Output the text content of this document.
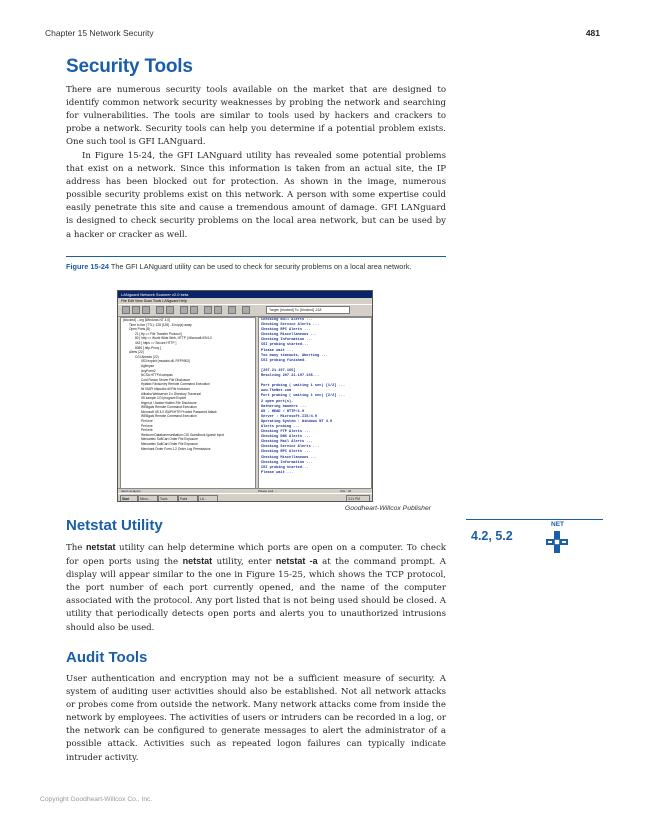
Chapter 15 Network Security	481
Security Tools

There are numerous security tools available on the market that are designed to identify common network security weaknesses by probing the network and searching for vulnerabilities. The tools are similar to tools used by hackers and crackers to probe a network. Security tools can help you determine if a potential problem exists. One such tool is GFI LANguard.

In Figure 15-24, the GFI LANguard utility has revealed some potential problems that exist on a network. Since this information is taken from an actual site, the IP address has been blocked out for protection. As shown in the image, numerous possible security problems exist on this network. A person with some expertise could easily penetrate this site and cause a tremendous amount of damage. GFI LANguard is designed to check security problems on the local area network, but can be used by a hacker or cracker as well.

Figure 15-24 The GFI LANguard utility can be used to check for security problems on a local area network.
LANguard Network Scanner v2.0 beta
File Edit View Scan Tools LANguard Help
Target: [blocked] To: [blocked] .218
[blocked] ...org [Windows NT 4.0]
Time to live (TTL): 128 [128] - 8 hop(s) away
Open Ports (8)
21 [ ftp => File Transfer Protocol ]
80 [ http => World Wide Web, HTTP ] Microsoft-IIS/4.0
443 [ https => Secure HTTP ]
8080 [ http-Proxy ]
Alerts (22)
CGI Abuses (22)
IIS3 exploit (msadcs.dll, RFP9902)
Aglimpse
AnyForm2
NCSA HTTPd campas
Cold Fusion Server File Disclosure
Hylafax Faxsurvey Remote Command Execution
Nt ISAPI httpodbc.dll File Inclusion
Alibaba Webserver 2.x Directory Traversal
IIS sample CGI program Exploit
finger.pl / Avatar Hidden File Disclosure
WEBgais Remote Command Execution
Microsoft IIS 4.0 ISAPI/HTR Proxied Password Attack
WEBgais Remote Command Execution
Perl.exe
Perl.exe
Perl.exe
Webcom Datakommunikation CGI Guestbook /guest/ Input
Mercantec SoftCart Order File Exposure
Mercantec SoftCart Order File Exposure
Merchant Order Form 1.2 Order Log Permissions
Checking Null Alerts ...
Checking Service Alerts ...
Checking RPC Alerts ...
Checking Miscellaneous ...
Checking Information ...
CGI probing started...
Please wait ...
Too many timeouts, Aborting ...
CGI probing finished.

[207.21.197.165]
Resolving 207.21.197.165...

Port probing ( waiting 1 sec) [1/2] ...
www.TheNet.com
Port probing ( waiting 1 sec) [2/2] ...
2 open port(s).
Gathering banners ...
80 - HEAD / HTTP/1.0
Server : Microsoft-IIS/4.0
Operating System : Windows NT 4.0
Alerts probing ...
Checking FTP Alerts ...
Checking DNS Alerts ...
Checking Mail Alerts ...
Checking Service Alerts ...
Checking RPC Alerts ...
Checking Miscellaneous ...
Checking Information ...
CGI probing started...
Please wait ...
Alerts analysis...	Please wait ...	CGI : 46
Start	Micro...	Tools	Paint	LA...	3:21 PM
Goodheart-Willcox Publisher
Netstat Utility

The netstat utility can help determine which ports are open on a computer. To check for open ports using the netstat utility, enter netstat -a at the command prompt. A display will appear similar to the one in Figure 15-25, which shows the TCP protocol, the port number of each port currently opened, and the name of the computer associated with the protocol. Any port listed that is not being used should be closed. A utility that periodically detects open ports and alerts you to unauthorized intrusions should also be used.

4.2, 5.2
NET
Audit Tools

User authentication and encryption may not be a sufficient measure of security. A system of auditing user activities should also be established. Not all network attacks or probes come from outside the network. Many network attacks come from inside the network by employees. The activities of users or intruders can be recorded in a log, or the network can be configured to generate messages to alert the administrator of a possible attack. Activities such as repeated logon failures can typically indicate intruder activity.

Copyright Goodheart-Willcox Co., Inc.
